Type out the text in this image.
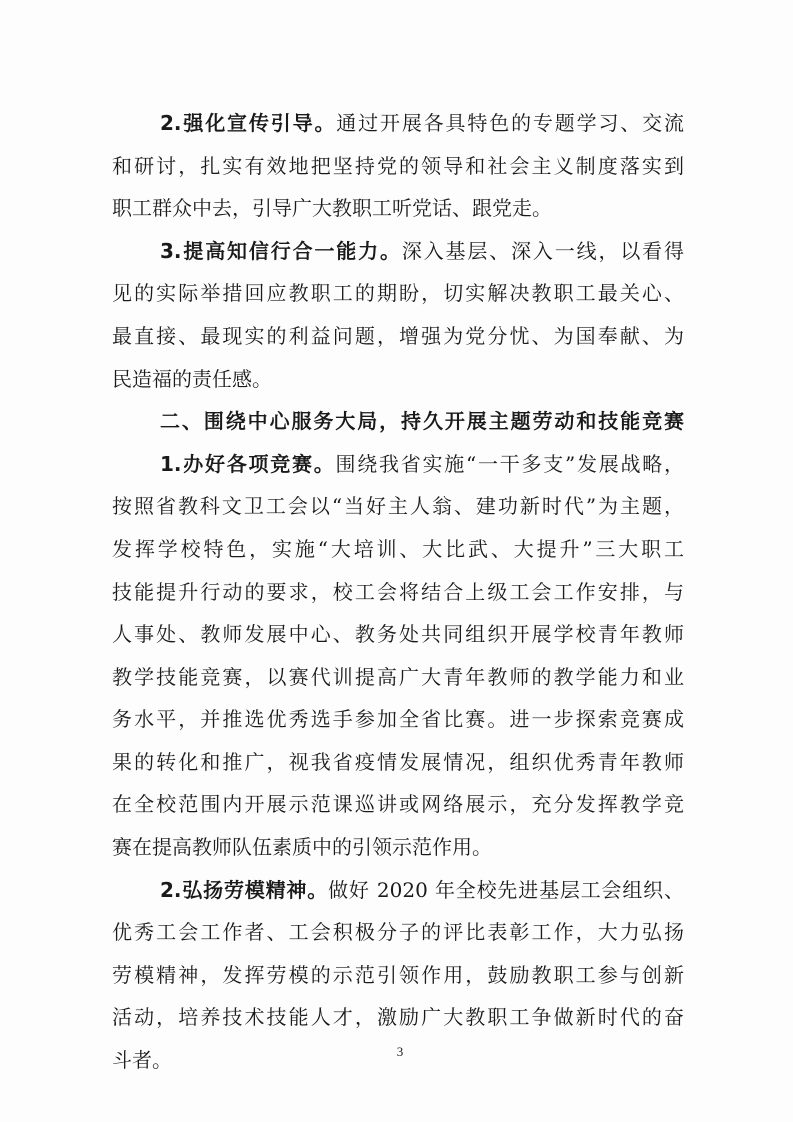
2.强化宣传引导。通过开展各具特色的专题学习、交流
和研讨，扎实有效地把坚持党的领导和社会主义制度落实到
职工群众中去，引导广大教职工听党话、跟党走。
3.提高知信行合一能力。深入基层、深入一线，以看得
见的实际举措回应教职工的期盼，切实解决教职工最关心、
最直接、最现实的利益问题，增强为党分忧、为国奉献、为
民造福的责任感。
二、围绕中心服务大局，持久开展主题劳动和技能竞赛
1.办好各项竞赛。围绕我省实施“一干多支”发展战略，
按照省教科文卫工会以“当好主人翁、建功新时代”为主题，
发挥学校特色，实施“大培训、大比武、大提升”三大职工
技能提升行动的要求，校工会将结合上级工会工作安排，与
人事处、教师发展中心、教务处共同组织开展学校青年教师
教学技能竞赛，以赛代训提高广大青年教师的教学能力和业
务水平，并推选优秀选手参加全省比赛。进一步探索竞赛成
果的转化和推广，视我省疫情发展情况，组织优秀青年教师
在全校范围内开展示范课巡讲或网络展示，充分发挥教学竞
赛在提高教师队伍素质中的引领示范作用。
2.弘扬劳模精神。做好 2020 年全校先进基层工会组织、
优秀工会工作者、工会积极分子的评比表彰工作，大力弘扬
劳模精神，发挥劳模的示范引领作用，鼓励教职工参与创新
活动，培养技术技能人才，激励广大教职工争做新时代的奋
斗者。	3
